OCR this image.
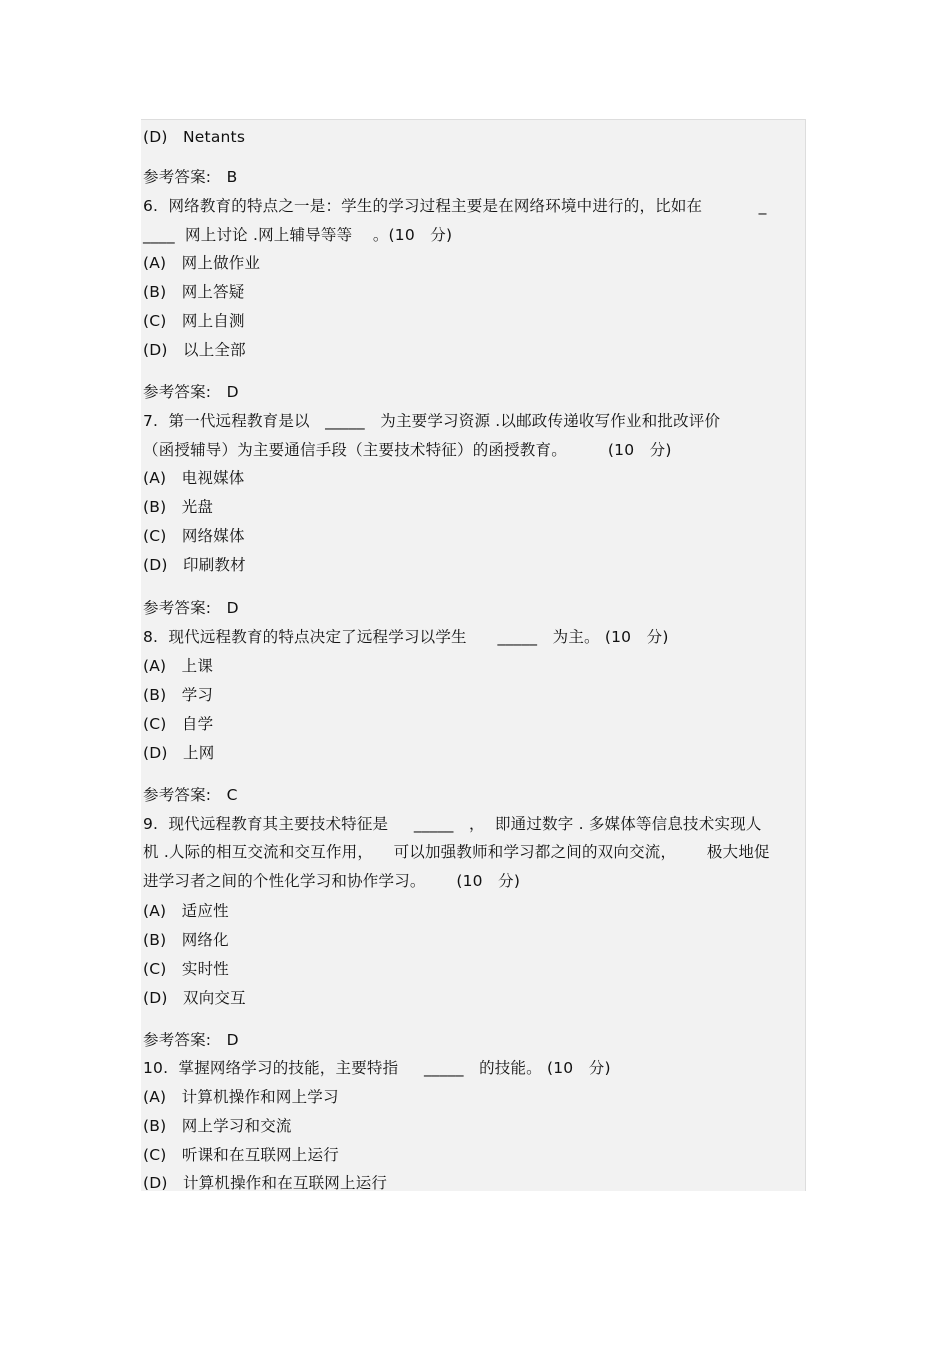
(D)   Netants
参考答案:   B
6.  网络教育的特点之一是：学生的学习过程主要是在网络环境中进行的，比如在           _
____  网上讨论 .网上辅导等等    。(10   分)
(A)   网上做作业
(B)   网上答疑
(C)   网上自测
(D)   以上全部
参考答案:   D
7.  第一代远程教育是以   _____   为主要学习资源 .以邮政传递收写作业和批改评价
（函授辅导）为主要通信手段（主要技术特征）的函授教育。        (10   分)
(A)   电视媒体
(B)   光盘
(C)   网络媒体
(D)   印刷教材
参考答案:   D
8.  现代远程教育的特点决定了远程学习以学生      _____   为主。 (10   分)
(A)   上课
(B)   学习
(C)   自学
(D)   上网
参考答案:   C
9.  现代远程教育其主要技术特征是     _____   ，  即通过数字 . 多媒体等信息技术实现人
机 .人际的相互交流和交互作用，    可以加强教师和学习都之间的双向交流，      极大地促
进学习者之间的个性化学习和协作学习。      (10   分)
(A)   适应性
(B)   网络化
(C)   实时性
(D)   双向交互
参考答案:   D
10.  掌握网络学习的技能，主要特指     _____   的技能。 (10   分)
(A)   计算机操作和网上学习
(B)   网上学习和交流
(C)   听课和在互联网上运行
(D)   计算机操作和在互联网上运行
